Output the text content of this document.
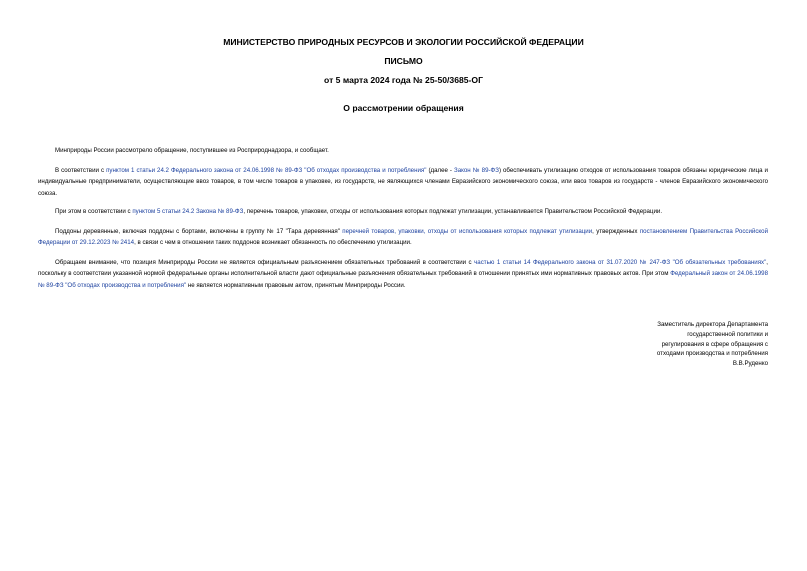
МИНИСТЕРСТВО ПРИРОДНЫХ РЕСУРСОВ И ЭКОЛОГИИ РОССИЙСКОЙ ФЕДЕРАЦИИ
ПИСЬМО
от 5 марта 2024 года № 25-50/3685-ОГ
О рассмотрении обращения
Минприроды России рассмотрело обращение, поступившее из Росприроднадзора, и сообщает.
В соответствии с пунктом 1 статьи 24.2 Федерального закона от 24.06.1998 № 89-ФЗ "Об отходах производства и потребления" (далее - Закон № 89-ФЗ) обеспечивать утилизацию отходов от использования товаров обязаны юридические лица и индивидуальные предприниматели, осуществляющие ввоз товаров, в том числе товаров в упаковке, из государств, не являющихся членами Евразийского экономического союза, или ввоз товаров из государств - членов Евразийского экономического союза.
При этом в соответствии с пунктом 5 статьи 24.2 Закона № 89-ФЗ, перечень товаров, упаковки, отходы от использования которых подлежат утилизации, устанавливается Правительством Российской Федерации.
Поддоны деревянные, включая поддоны с бортами, включены в группу № 17 "Тара деревянная" перечней товаров, упаковки, отходы от использования которых подлежат утилизации, утвержденных постановлением Правительства Российской Федерации от 29.12.2023 № 2414, в связи с чем в отношении таких поддонов возникает обязанность по обеспечению утилизации.
Обращаем внимание, что позиция Минприроды России не является официальным разъяснением обязательных требований в соответствии с частью 1 статьи 14 Федерального закона от 31.07.2020 № 247-ФЗ "Об обязательных требованиях", поскольку в соответствии указанной нормой федеральные органы исполнительной власти дают официальные разъяснения обязательных требований в отношении принятых ими нормативных правовых актов. При этом Федеральный закон от 24.06.1998 № 89-ФЗ "Об отходах производства и потребления" не является нормативным правовым актом, принятым Минприроды России.
Заместитель директора Департамента
государственной политики и
регулирования в сфере обращения с
отходами производства и потребления
В.В.Руденко
